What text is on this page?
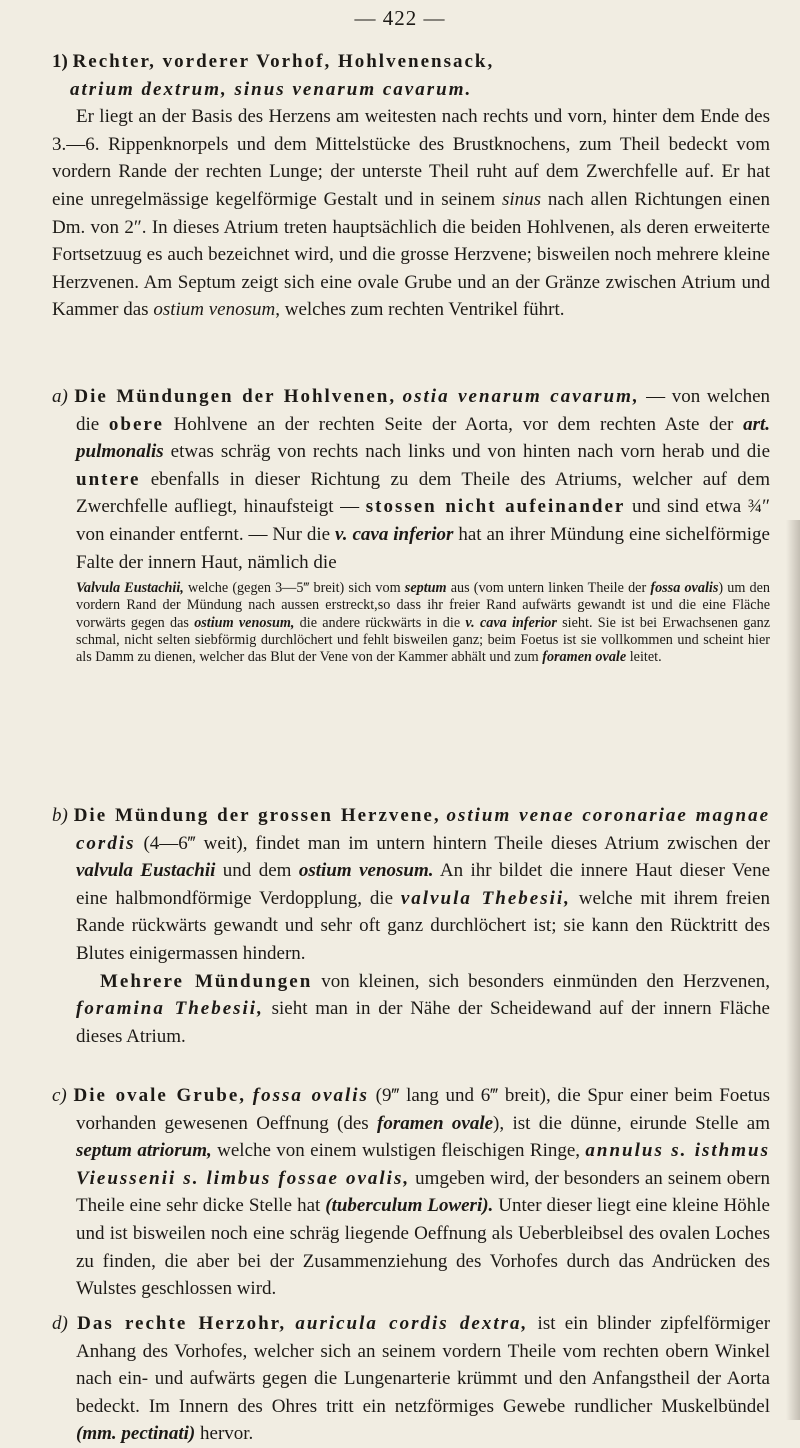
— 422 —

1) Rechter, vorderer Vorhof, Hohlvenensack,
atrium dextrum, sinus venarum cavarum.

Er liegt an der Basis des Herzens am weitesten nach rechts und vorn, hinter dem Ende des 3.—6. Rippenknorpels und dem Mittelstücke des Brustknochens, zum Theil bedeckt vom vordern Rande der rechten Lunge; der unterste Theil ruht auf dem Zwerchfelle auf. Er hat eine unregelmässige kegelförmige Gestalt und in seinem sinus nach allen Richtungen einen Dm. von 2″. In dieses Atrium treten hauptsächlich die beiden Hohlvenen, als deren erweiterte Fortsetzuug es auch bezeichnet wird, und die grosse Herzvene; bisweilen noch mehrere kleine Herzvenen. Am Septum zeigt sich eine ovale Grube und an der Gränze zwischen Atrium und Kammer das ostium venosum, welches zum rechten Ventrikel führt.

a) Die Mündungen der Hohlvenen, ostia venarum cavarum, — von welchen die obere Hohlvene an der rechten Seite der Aorta, vor dem rechten Aste der art. pulmonalis etwas schräg von rechts nach links und von hinten nach vorn herab und die untere ebenfalls in dieser Richtung zu dem Theile des Atriums, welcher auf dem Zwerchfelle aufliegt, hinaufsteigt — stossen nicht aufeinander und sind etwa ¾″ von einander entfernt. — Nur die v. cava inferior hat an ihrer Mündung eine sichelförmige Falte der innern Haut, nämlich die

Valvula Eustachii, welche (gegen 3—5‴ breit) sich vom septum aus (vom untern linken Theile der fossa ovalis) um den vordern Rand der Mündung nach aussen erstreckt,so dass ihr freier Rand aufwärts gewandt ist und die eine Fläche vorwärts gegen das ostium venosum, die andere rückwärts in die v. cava inferior sieht. Sie ist bei Erwachsenen ganz schmal, nicht selten siebförmig durchlöchert und fehlt bisweilen ganz; beim Foetus ist sie vollkommen und scheint hier als Damm zu dienen, welcher das Blut der Vene von der Kammer abhält und zum foramen ovale leitet.

b) Die Mündung der grossen Herzvene, ostium venae coronariae magnae cordis (4—6‴ weit), findet man im untern hintern Theile dieses Atrium zwischen der valvula Eustachii und dem ostium venosum. An ihr bildet die innere Haut dieser Vene eine halbmondförmige Verdopplung, die valvula Thebesii, welche mit ihrem freien Rande rückwärts gewandt und sehr oft ganz durchlöchert ist; sie kann den Rücktritt des Blutes einigermassen hindern.

Mehrere Mündungen von kleinen, sich besonders einmünden den Herzvenen, foramina Thebesii, sieht man in der Nähe der Scheidewand auf der innern Fläche dieses Atrium.

c) Die ovale Grube, fossa ovalis (9‴ lang und 6‴ breit), die Spur einer beim Foetus vorhanden gewesenen Oeffnung (des foramen ovale), ist die dünne, eirunde Stelle am septum atriorum, welche von einem wulstigen fleischigen Ringe, annulus s. isthmus Vieussenii s. limbus fossae ovalis, umgeben wird, der besonders an seinem obern Theile eine sehr dicke Stelle hat (tuberculum Loweri). Unter dieser liegt eine kleine Höhle und ist bisweilen noch eine schräg liegende Oeffnung als Ueberbleibsel des ovalen Loches zu finden, die aber bei der Zusammenziehung des Vorhofes durch das Andrücken des Wulstes geschlossen wird.

d) Das rechte Herzohr, auricula cordis dextra, ist ein blinder zipfelförmiger Anhang des Vorhofes, welcher sich an seinem vordern Theile vom rechten obern Winkel nach ein- und aufwärts gegen die Lungenarterie krümmt und den Anfangstheil der Aorta bedeckt. Im Innern des Ohres tritt ein netzförmiges Gewebe rundlicher Muskelbündel (mm. pectinati) hervor.
